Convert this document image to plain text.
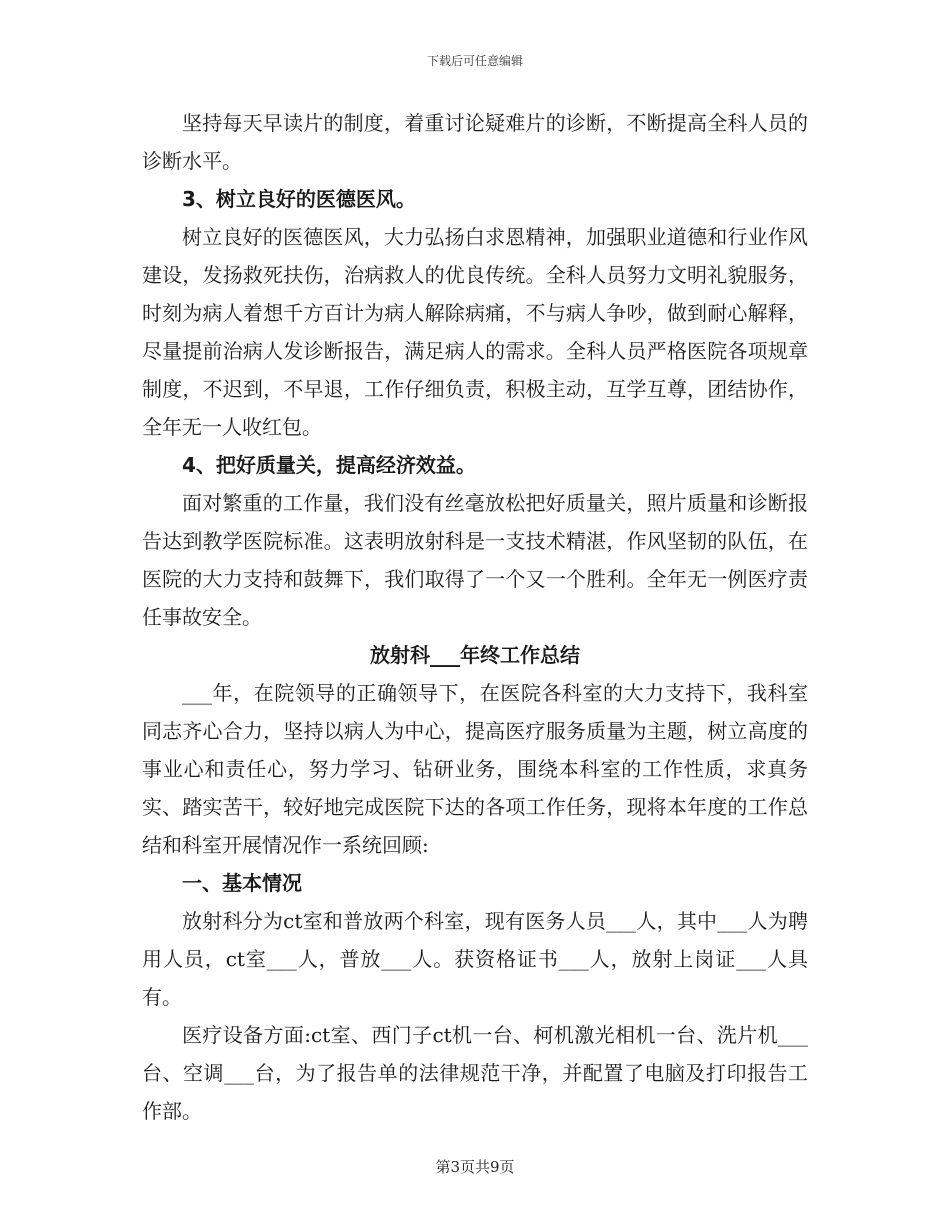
下载后可任意编辑

坚持每天早读片的制度，着重讨论疑难片的诊断，不断提高全科人员的诊断水平。

3、树立良好的医德医风。

树立良好的医德医风，大力弘扬白求恩精神，加强职业道德和行业作风建设，发扬救死扶伤，治病救人的优良传统。全科人员努力文明礼貌服务，时刻为病人着想千方百计为病人解除病痛，不与病人争吵，做到耐心解释，尽量提前治病人发诊断报告，满足病人的需求。全科人员严格医院各项规章制度，不迟到，不早退，工作仔细负责，积极主动，互学互尊，团结协作，全年无一人收红包。

4、把好质量关，提高经济效益。

面对繁重的工作量，我们没有丝毫放松把好质量关，照片质量和诊断报告达到教学医院标准。这表明放射科是一支技术精湛，作风坚韧的队伍，在医院的大力支持和鼓舞下，我们取得了一个又一个胜利。全年无一例医疗责任事故安全。

放射科___年终工作总结

___年，在院领导的正确领导下，在医院各科室的大力支持下，我科室同志齐心合力，坚持以病人为中心，提高医疗服务质量为主题，树立高度的事业心和责任心，努力学习、钻研业务，围绕本科室的工作性质，求真务实、踏实苦干，较好地完成医院下达的各项工作任务，现将本年度的工作总结和科室开展情况作一系统回顾:

一、基本情况

放射科分为ct室和普放两个科室，现有医务人员___人，其中___人为聘用人员，ct室___人，普放___人。获资格证书___人，放射上岗证___人具有。

医疗设备方面:ct室、西门子ct机一台、柯机激光相机一台、洗片机___台、空调___台，为了报告单的法律规范干净，并配置了电脑及打印报告工作部。

第3页共9页
